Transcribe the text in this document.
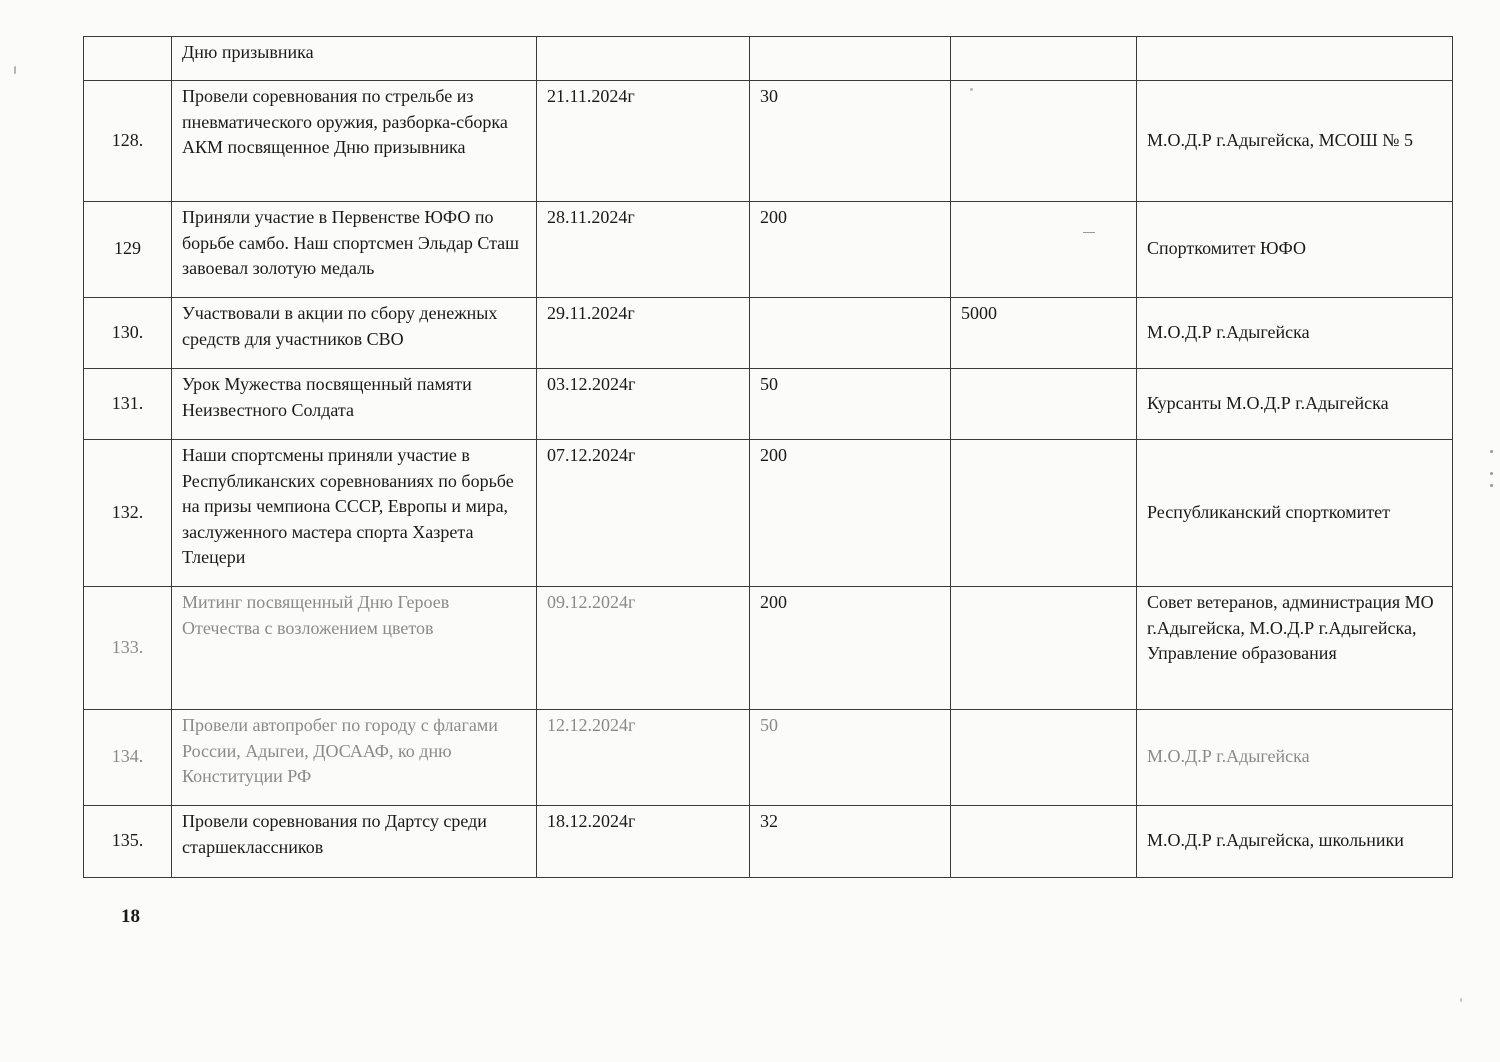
	Дню призывника				
128.	Провели соревнования по стрельбе из пневматического оружия, разборка-сборка АКМ посвященное Дню призывника	21.11.2024г	30		М.О.Д.Р г.Адыгейска, МСОШ № 5
129	Приняли участие в Первенстве ЮФО по борьбе самбо. Наш спортсмен Эльдар Сташ завоевал золотую медаль	28.11.2024г	200		Спорткомитет ЮФО
130.	Участвовали в акции по сбору денежных средств для участников СВО	29.11.2024г		5000	М.О.Д.Р г.Адыгейска
131.	Урок Мужества посвященный памяти Неизвестного Солдата	03.12.2024г	50		Курсанты М.О.Д.Р г.Адыгейска
132.	Наши спортсмены приняли участие в Республиканских соревнованиях по борьбе на призы чемпиона СССР, Европы и мира, заслуженного мастера спорта Хазрета Тлецери	07.12.2024г	200		Республиканский спорткомитет
133.	Митинг посвященный Дню Героев Отечества с возложением цветов	09.12.2024г	200		Совет ветеранов, администрация МО г.Адыгейска, М.О.Д.Р г.Адыгейска, Управление образования
134.	Провели автопробег по городу с флагами России, Адыгеи, ДОСААФ, ко дню Конституции РФ	12.12.2024г	50		М.О.Д.Р г.Адыгейска
135.	Провели соревнования по Дартсу среди старшеклассников	18.12.2024г	32		М.О.Д.Р г.Адыгейска, школьники
18
